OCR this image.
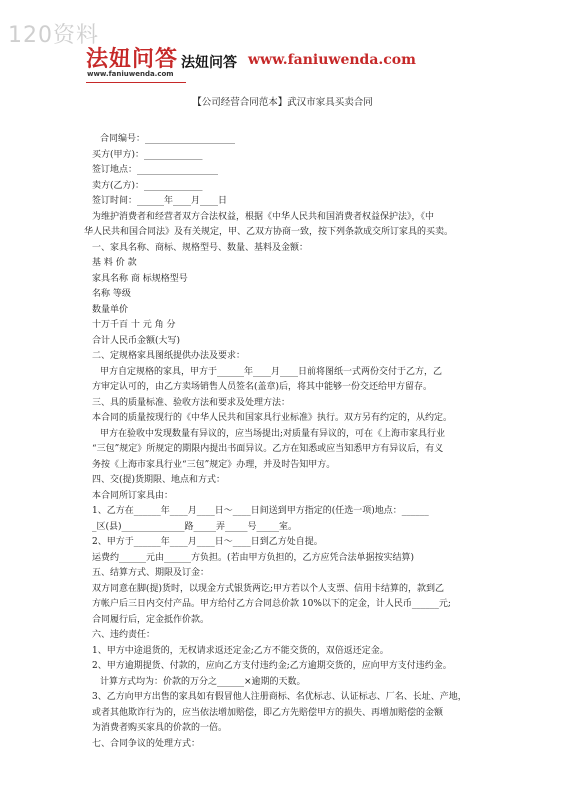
120资料
法妞问答
www.faniuwenda.com
法妞问答 www.faniuwenda.com
【公司经营合同范本】武汉市家具买卖合同

合同编号：____________________

买方(甲方)：_____________

签订地点：__________________

卖方(乙方)：_____________

签订时间：______年____月____日

为维护消费者和经营者双方合法权益，根据《中华人民共和国消费者权益保护法》，《中

华人民共和国合同法》及有关规定，甲、乙双方协商一致，按下列条款成交所订家具的买卖。

一、家具名称、商标、规格型号、数量、基料及金额：

基 料 价 款

家具名称 商 标规格型号

名称 等级

数量单价

十万千百 十 元 角 分

合计人民币金额(大写)

二、定规格家具图纸提供办法及要求：

甲方自定规格的家具，甲方于______年____月____日前将图纸一式两份交付于乙方，乙

方审定认可的，由乙方卖场销售人员签名(盖章)后，将其中能够一份交还给甲方留存。

三、具的质量标准、验收方法和要求及处理方法：

本合同的质量按现行的《中华人民共和国家具行业标准》执行。双方另有约定的，从约定。

甲方在验收中发现数量有异议的，应当场提出;对质量有异议的，可在《上海市家具行业

“三包”规定》所规定的期限内提出书面异议。乙方在知悉或应当知悉甲方有异议后，有义

务按《上海市家具行业“三包”规定》办理，并及时告知甲方。

四、交(提)货期限、地点和方式：

本合同所订家具由：

1、乙方在______年____月____日～____日间送到甲方指定的(任选一项)地点：______

_区(县)______________路_____弄_____号_____室。

2、甲方于______年____月____日～____日到乙方处自提。

运费约______元由______方负担。(若由甲方负担的，乙方应凭合法单据按实结算)

五、结算方式、期限及订金：

双方同意在脚(提)货时，以现金方式银货两讫;甲方若以个人支票、信用卡结算的，款到乙

方帐户后三日内交付产品。甲方给付乙方合同总价款 10%以下的定金，计人民币______元;

合同履行后，定金抵作价款。

六、违约责任：

1、甲方中途退货的，无权请求返还定金;乙方不能交货的，双倍返还定金。

2、甲方逾期提货、付款的，应向乙方支付违约金;乙方逾期交货的，应向甲方支付违约金。

计算方式均为：价款的万分之______×逾期的天数。

3、乙方向甲方出售的家具如有假冒他人注册商标、名优标志、认证标志、厂名、长址、产地，

或者其他欺诈行为的，应当依法增加赔偿，即乙方先赔偿甲方的损失、再增加赔偿的金额

为消费者购买家具的价款的一倍。

七、合同争议的处理方式：
